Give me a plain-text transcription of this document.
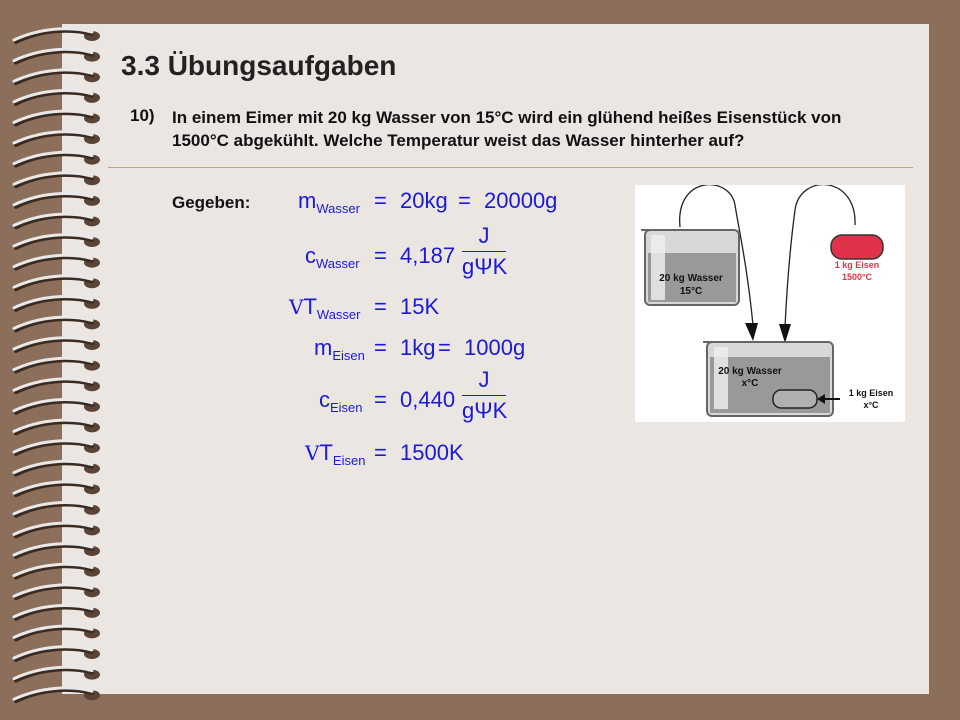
3.3 Übungsaufgaben
10) In einem Eimer mit 20 kg Wasser von 15°C wird ein glühend heißes Eisenstück von 1500°C abgekühlt. Welche Temperatur weist das Wasser hinterher auf?
Gegeben: $m_{Wasser} = 20kg = 20000g$
$c_{Wasser} = 4,187$
J
gΨK
$VT_{Wasser} = 15K$
$m_{Eisen} = 1kg = 1000g$
$c_{Eisen} = 0,440$
J
gΨK
$VT_{Eisen} = 1500K$
20 kg Wasser
15°C
1 kg Eisen
1500°C
20 kg Wasser
x°C
1 kg Eisen
x°C
